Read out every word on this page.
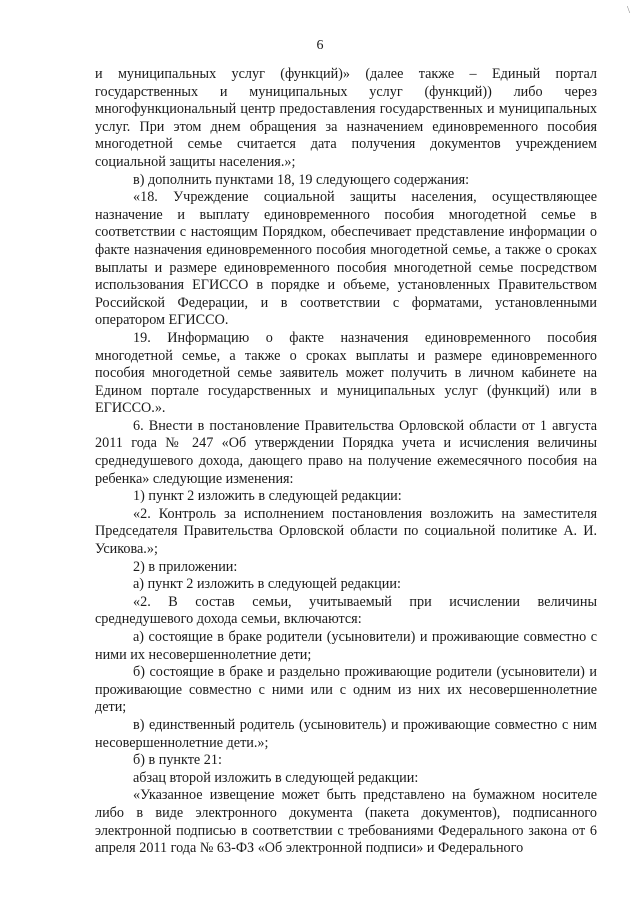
\
6

и муниципальных услуг (функций)» (далее также – Единый портал государственных и муниципальных услуг (функций)) либо через многофункциональный центр предоставления государственных и муниципальных услуг. При этом днем обращения за назначением единовременного пособия многодетной семье считается дата получения документов учреждением социальной защиты населения.»;

в) дополнить пунктами 18, 19 следующего содержания:

«18. Учреждение социальной защиты населения, осуществляющее назначение и выплату единовременного пособия многодетной семье в соответствии с настоящим Порядком, обеспечивает представление информации о факте назначения единовременного пособия многодетной семье, а также о сроках выплаты и размере единовременного пособия многодетной семье посредством использования ЕГИССО в порядке и объеме, установленных Правительством Российской Федерации, и в соответствии с форматами, установленными оператором ЕГИССО.

19. Информацию о факте назначения единовременного пособия многодетной семье, а также о сроках выплаты и размере единовременного пособия многодетной семье заявитель может получить в личном кабинете на Едином портале государственных и муниципальных услуг (функций) или в ЕГИССО.».

6. Внести в постановление Правительства Орловской области от 1 августа 2011 года № 247 «Об утверждении Порядка учета и исчисления величины среднедушевого дохода, дающего право на получение ежемесячного пособия на ребенка» следующие изменения:

1) пункт 2 изложить в следующей редакции:

«2. Контроль за исполнением постановления возложить на заместителя Председателя Правительства Орловской области по социальной политике А. И. Усикова.»;

2) в приложении:

а) пункт 2 изложить в следующей редакции:

«2. В состав семьи, учитываемый при исчислении величины среднедушевого дохода семьи, включаются:

а) состоящие в браке родители (усыновители) и проживающие совместно с ними их несовершеннолетние дети;

б) состоящие в браке и раздельно проживающие родители (усыновители) и проживающие совместно с ними или с одним из них их несовершеннолетние дети;

в) единственный родитель (усыновитель) и проживающие совместно с ним несовершеннолетние дети.»;

б) в пункте 21:

абзац второй изложить в следующей редакции:

«Указанное извещение может быть представлено на бумажном носителе либо в виде электронного документа (пакета документов), подписанного электронной подписью в соответствии с требованиями Федерального закона от 6 апреля 2011 года № 63-ФЗ «Об электронной подписи» и Федерального
